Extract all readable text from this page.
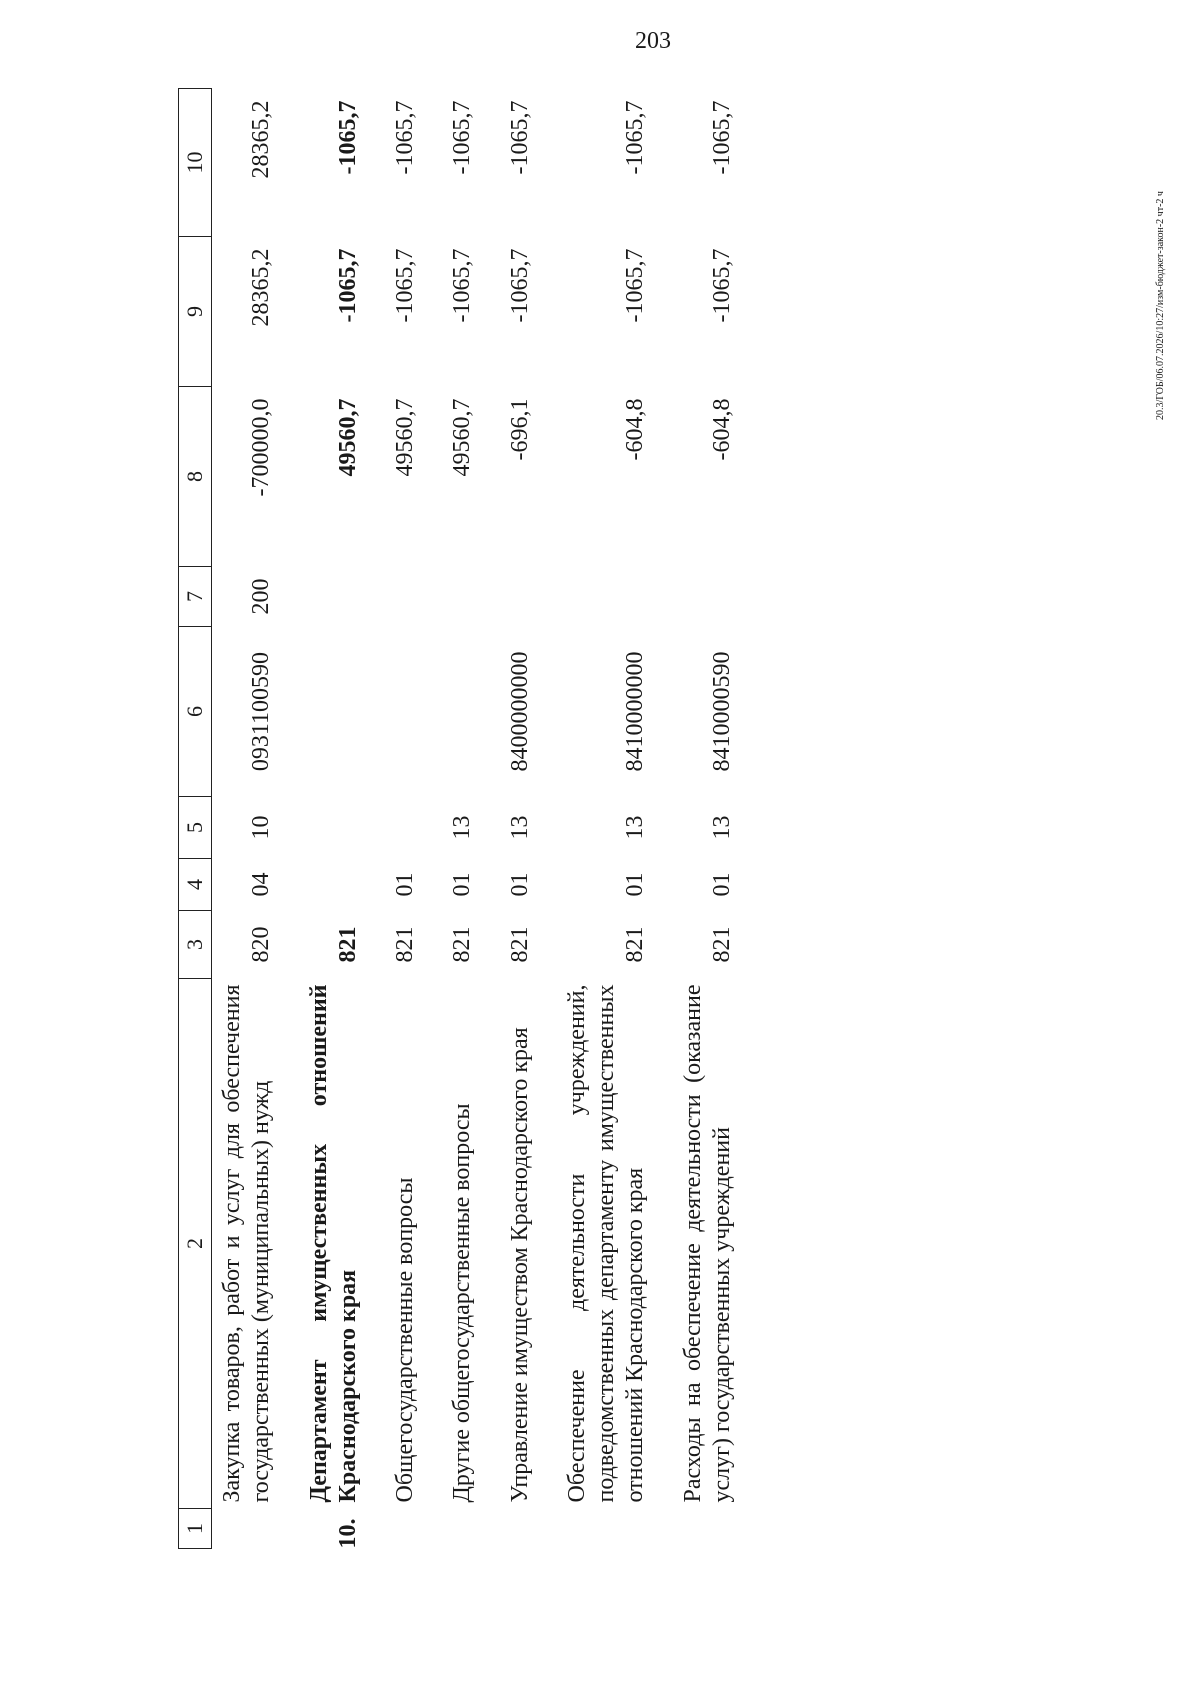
203
20.3/ГОБ/06.07.2026/10:27/изм-бюджет-закон-2 чт-2 ч
1	2	3	4	5	6	7	8	9	10
	Закупка товаров, работ и услуг для обеспечения государственных (муниципальных) нужд	820	04	10	0931100590	200	-700000,0	28365,2	28365,2
10.	Департамент имущественных отношений Краснодарского края	821					49560,7	-1065,7	-1065,7
	Общегосударственные вопросы	821	01				49560,7	-1065,7	-1065,7
	Другие общегосударственные вопросы	821	01	13			49560,7	-1065,7	-1065,7
	Управление имуществом Краснодарского края	821	01	13	8400000000		-696,1	-1065,7	-1065,7
	Обеспечение деятельности учреждений, подведомственных департаменту имущественных отношений Краснодарского края	821	01	13	8410000000		-604,8	-1065,7	-1065,7
	Расходы на обеспечение деятельности (оказание услуг) государственных учреждений	821	01	13	8410000590		-604,8	-1065,7	-1065,7
